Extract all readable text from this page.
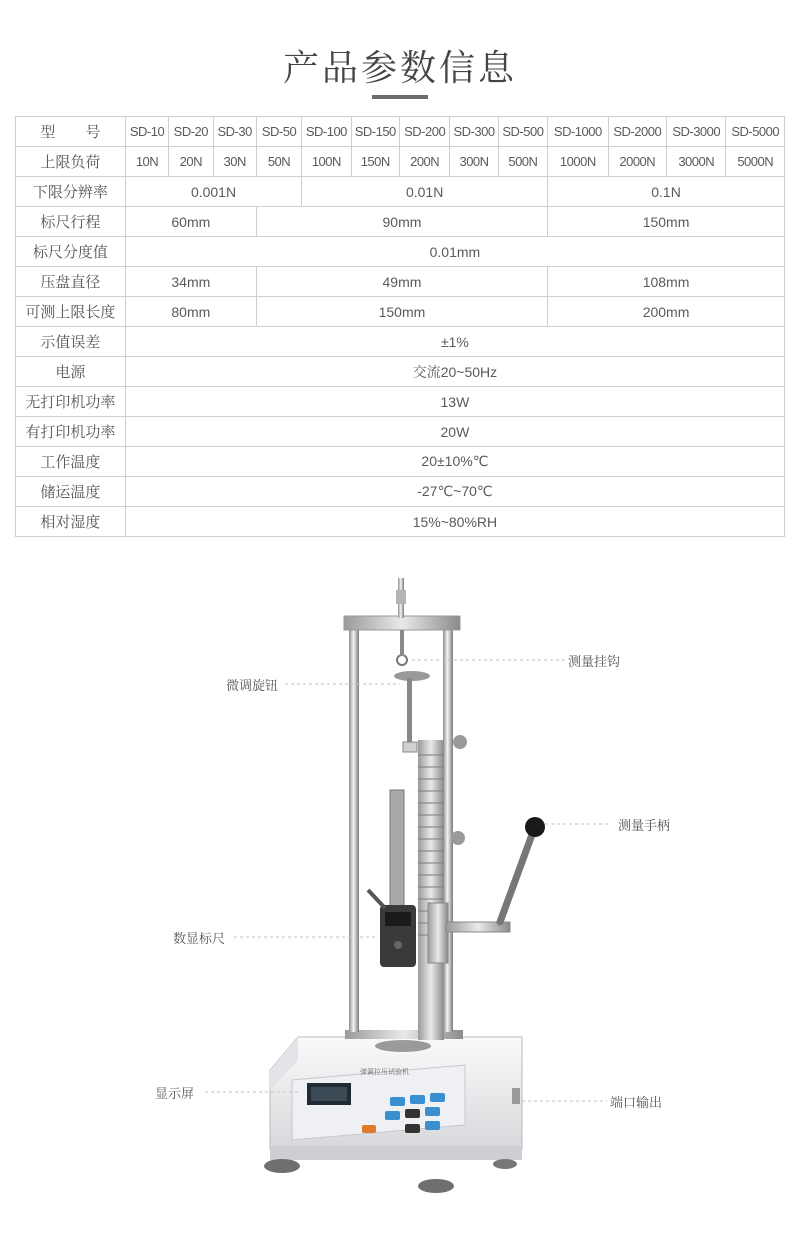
产品参数信息
型　　号	SD-10	SD-20	SD-30	SD-50	SD-100	SD-150	SD-200	SD-300	SD-500	SD-1000	SD-2000	SD-3000	SD-5000
上限负荷	10N	20N	30N	50N	100N	150N	200N	300N	500N	1000N	2000N	3000N	5000N
下限分辨率	0.001N				0.01N					0.1N			
标尺行程	60mm			90mm						150mm			
标尺分度值	0.01mm												
压盘直径	34mm			49mm						108mm			
可测上限长度	80mm			150mm						200mm			
示值误差	±1%												
电源	交流20~50Hz												
无打印机功率	13W												
有打印机功率	20W												
工作温度	20±10%℃												
储运温度	-27℃~70℃												
相对湿度	15%~80%RH												
弹簧拉压试验机
测量挂钩
微调旋钮
测量手柄
数显标尺
显示屏
端口输出
